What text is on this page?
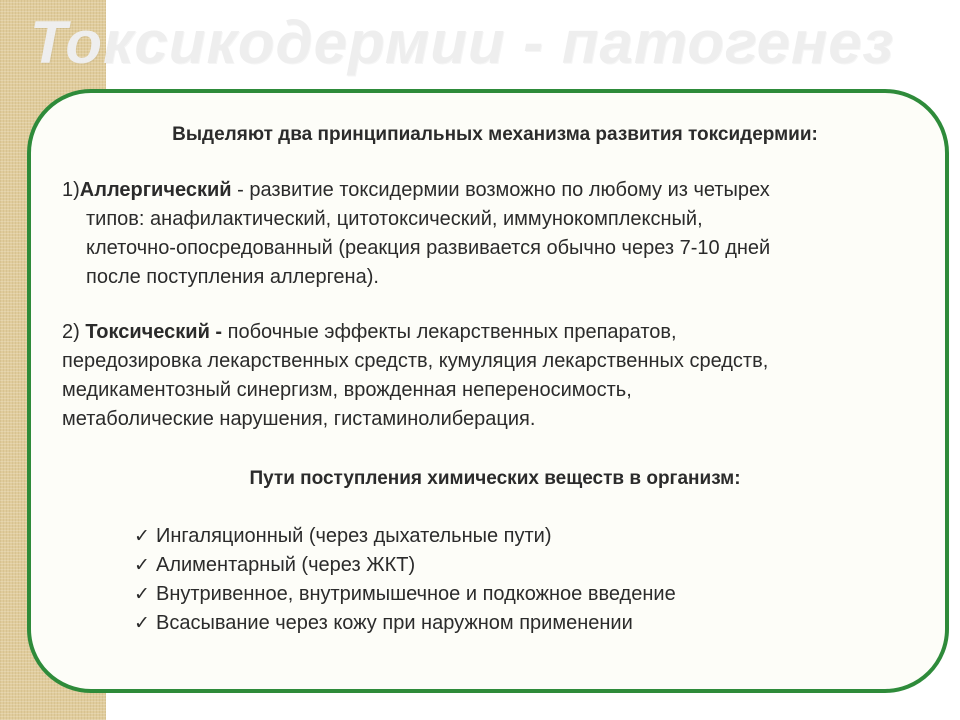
Токсикодермии - патогенез

Выделяют два принципиальных механизма развития токсидермии:

1)Аллергический - развитие токсидермии возможно по любому из четырех
типов: анафилактический, цитотоксический, иммунокомплексный,
клеточно-опосредованный (реакция развивается обычно через 7-10 дней
после поступления аллергена).
2) Токсический - побочные эффекты лекарственных препаратов,
передозировка лекарственных средств, кумуляция лекарственных средств,
медикаментозный синергизм, врожденная непереносимость,
метаболические нарушения, гистаминолиберация.

Пути поступления химических веществ в организм:

✓ Ингаляционный (через дыхательные пути)
✓ Алиментарный (через ЖКТ)
✓ Внутривенное, внутримышечное и подкожное введение
✓ Всасывание через кожу при наружном применении
